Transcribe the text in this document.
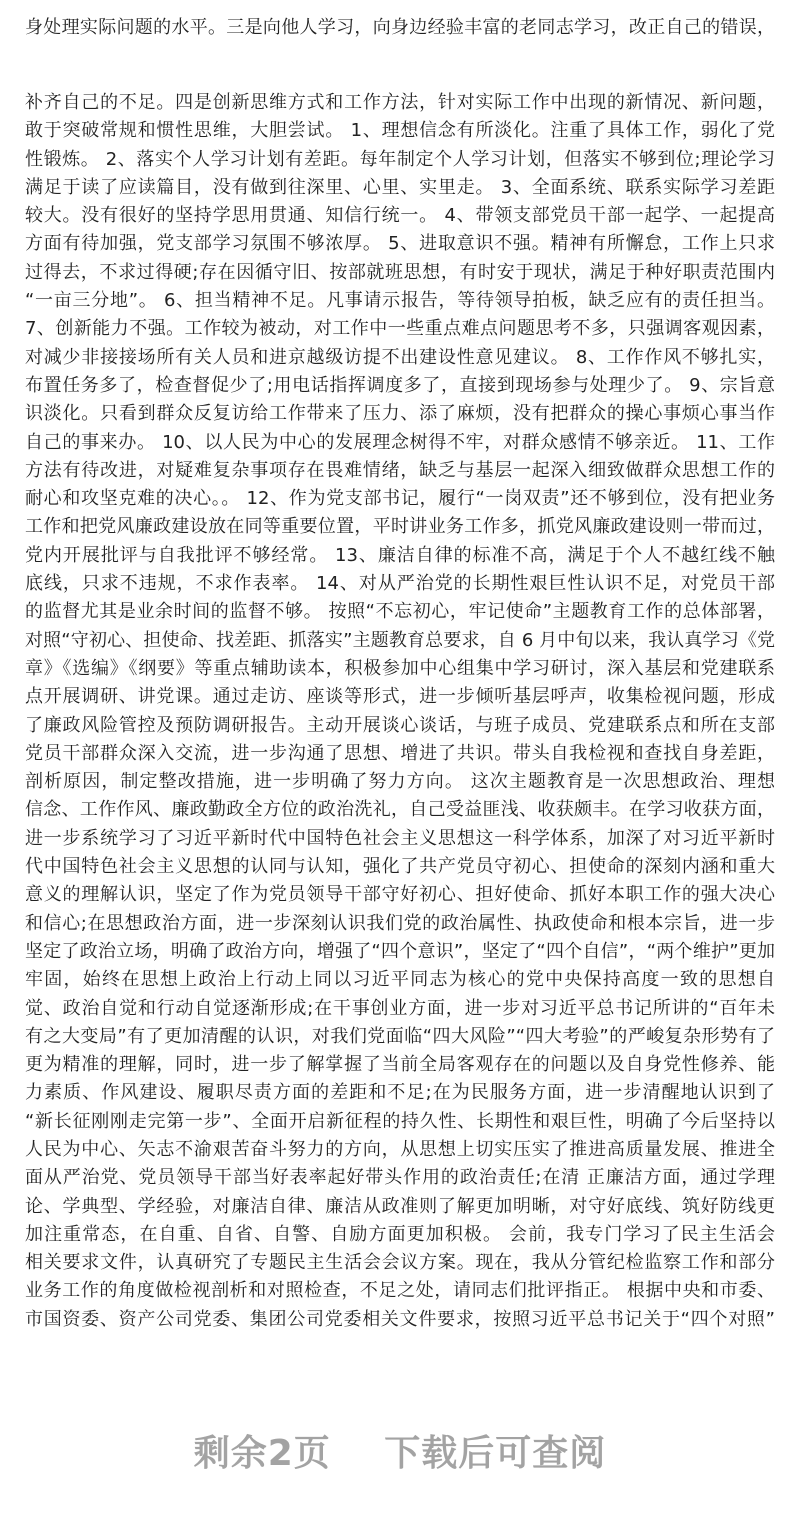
身处理实际问题的水平。三是向他人学习，向身边经验丰富的老同志学习，改正自己的错误，
补齐自己的不足。四是创新思维方式和工作方法，针对实际工作中出现的新情况、新问题，
敢于突破常规和惯性思维，大胆尝试。 1、理想信念有所淡化。注重了具体工作，弱化了党
性锻炼。 2、落实个人学习计划有差距。每年制定个人学习计划，但落实不够到位;理论学习
满足于读了应读篇目，没有做到往深里、心里、实里走。 3、全面系统、联系实际学习差距
较大。没有很好的坚持学思用贯通、知信行统一。 4、带领支部党员干部一起学、一起提高
方面有待加强，党支部学习氛围不够浓厚。 5、进取意识不强。精神有所懈怠，工作上只求
过得去，不求过得硬;存在因循守旧、按部就班思想，有时安于现状，满足于种好职责范围内
“一亩三分地”。 6、担当精神不足。凡事请示报告，等待领导拍板，缺乏应有的责任担当。
7、创新能力不强。工作较为被动，对工作中一些重点难点问题思考不多，只强调客观因素，
对减少非接接场所有关人员和进京越级访提不出建设性意见建议。 8、工作作风不够扎实，
布置任务多了，检查督促少了;用电话指挥调度多了，直接到现场参与处理少了。 9、宗旨意
识淡化。只看到群众反复访给工作带来了压力、添了麻烦，没有把群众的操心事烦心事当作
自己的事来办。 10、以人民为中心的发展理念树得不牢，对群众感情不够亲近。 11、工作
方法有待改进，对疑难复杂事项存在畏难情绪，缺乏与基层一起深入细致做群众思想工作的
耐心和攻坚克难的决心。。 12、作为党支部书记，履行“一岗双责”还不够到位，没有把业务
工作和把党风廉政建设放在同等重要位置，平时讲业务工作多，抓党风廉政建设则一带而过，
党内开展批评与自我批评不够经常。 13、廉洁自律的标准不高，满足于个人不越红线不触
底线，只求不违规，不求作表率。 14、对从严治党的长期性艰巨性认识不足，对党员干部
的监督尤其是业余时间的监督不够。 按照“不忘初心，牢记使命”主题教育工作的总体部署，
对照“守初心、担使命、找差距、抓落实”主题教育总要求，自 6 月中旬以来，我认真学习《党
章》《选编》《纲要》等重点辅助读本，积极参加中心组集中学习研讨，深入基层和党建联系
点开展调研、讲党课。通过走访、座谈等形式，进一步倾听基层呼声，收集检视问题，形成
了廉政风险管控及预防调研报告。主动开展谈心谈话，与班子成员、党建联系点和所在支部
党员干部群众深入交流，进一步沟通了思想、增进了共识。带头自我检视和查找自身差距，
剖析原因，制定整改措施，进一步明确了努力方向。 这次主题教育是一次思想政治、理想
信念、工作作风、廉政勤政全方位的政治洗礼，自己受益匪浅、收获颇丰。在学习收获方面，
进一步系统学习了习近平新时代中国特色社会主义思想这一科学体系，加深了对习近平新时
代中国特色社会主义思想的认同与认知，强化了共产党员守初心、担使命的深刻内涵和重大
意义的理解认识，坚定了作为党员领导干部守好初心、担好使命、抓好本职工作的强大决心
和信心;在思想政治方面，进一步深刻认识我们党的政治属性、执政使命和根本宗旨，进一步
坚定了政治立场，明确了政治方向，增强了“四个意识”，坚定了“四个自信”，“两个维护”更加
牢固，始终在思想上政治上行动上同以习近平同志为核心的党中央保持高度一致的思想自
觉、政治自觉和行动自觉逐渐形成;在干事创业方面，进一步对习近平总书记所讲的“百年未
有之大变局”有了更加清醒的认识，对我们党面临“四大风险”“四大考验”的严峻复杂形势有了
更为精准的理解，同时，进一步了解掌握了当前全局客观存在的问题以及自身党性修养、能
力素质、作风建设、履职尽责方面的差距和不足;在为民服务方面，进一步清醒地认识到了
“新长征刚刚走完第一步”、全面开启新征程的持久性、长期性和艰巨性，明确了今后坚持以
人民为中心、矢志不渝艰苦奋斗努力的方向，从思想上切实压实了推进高质量发展、推进全
面从严治党、党员领导干部当好表率起好带头作用的政治责任;在清 正廉洁方面，通过学理
论、学典型、学经验，对廉洁自律、廉洁从政准则了解更加明晰，对守好底线、筑好防线更
加注重常态，在自重、自省、自警、自励方面更加积极。 会前，我专门学习了民主生活会
相关要求文件，认真研究了专题民主生活会会议方案。现在，我从分管纪检监察工作和部分
业务工作的角度做检视剖析和对照检查，不足之处，请同志们批评指正。 根据中央和市委、
市国资委、资产公司党委、集团公司党委相关文件要求，按照习近平总书记关于“四个对照”
剩余2页 下载后可查阅
